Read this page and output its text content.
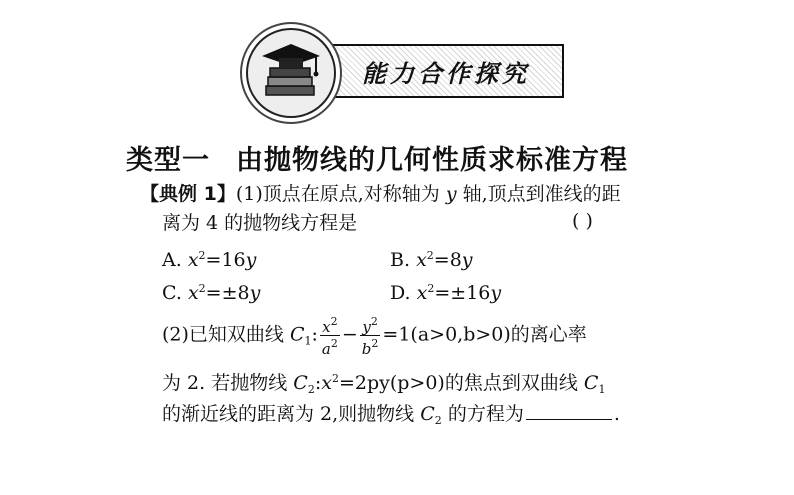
能力合作探究
类型一 由抛物线的几何性质求标准方程
【典例 1】(1)顶点在原点,对称轴为 y 轴,顶点到准线的距
离为 4 的抛物线方程是	( )
A. $x^2=16y$	B. $x^2=8y$
C. $x^2=\pm 8y$	D. $x^2=\pm 16y$
(2)已知双曲线 $C_1$: $\frac{x^2}{a^2} - \frac{y^2}{b^2} =1(a>0,b>0)$的离心率
为 2. 若抛物线 $C_2:x^2=2py(p>0)$的焦点到双曲线 $C_1$
的渐近线的距离为 2,则抛物线 $C_2$ 的方程为	.
